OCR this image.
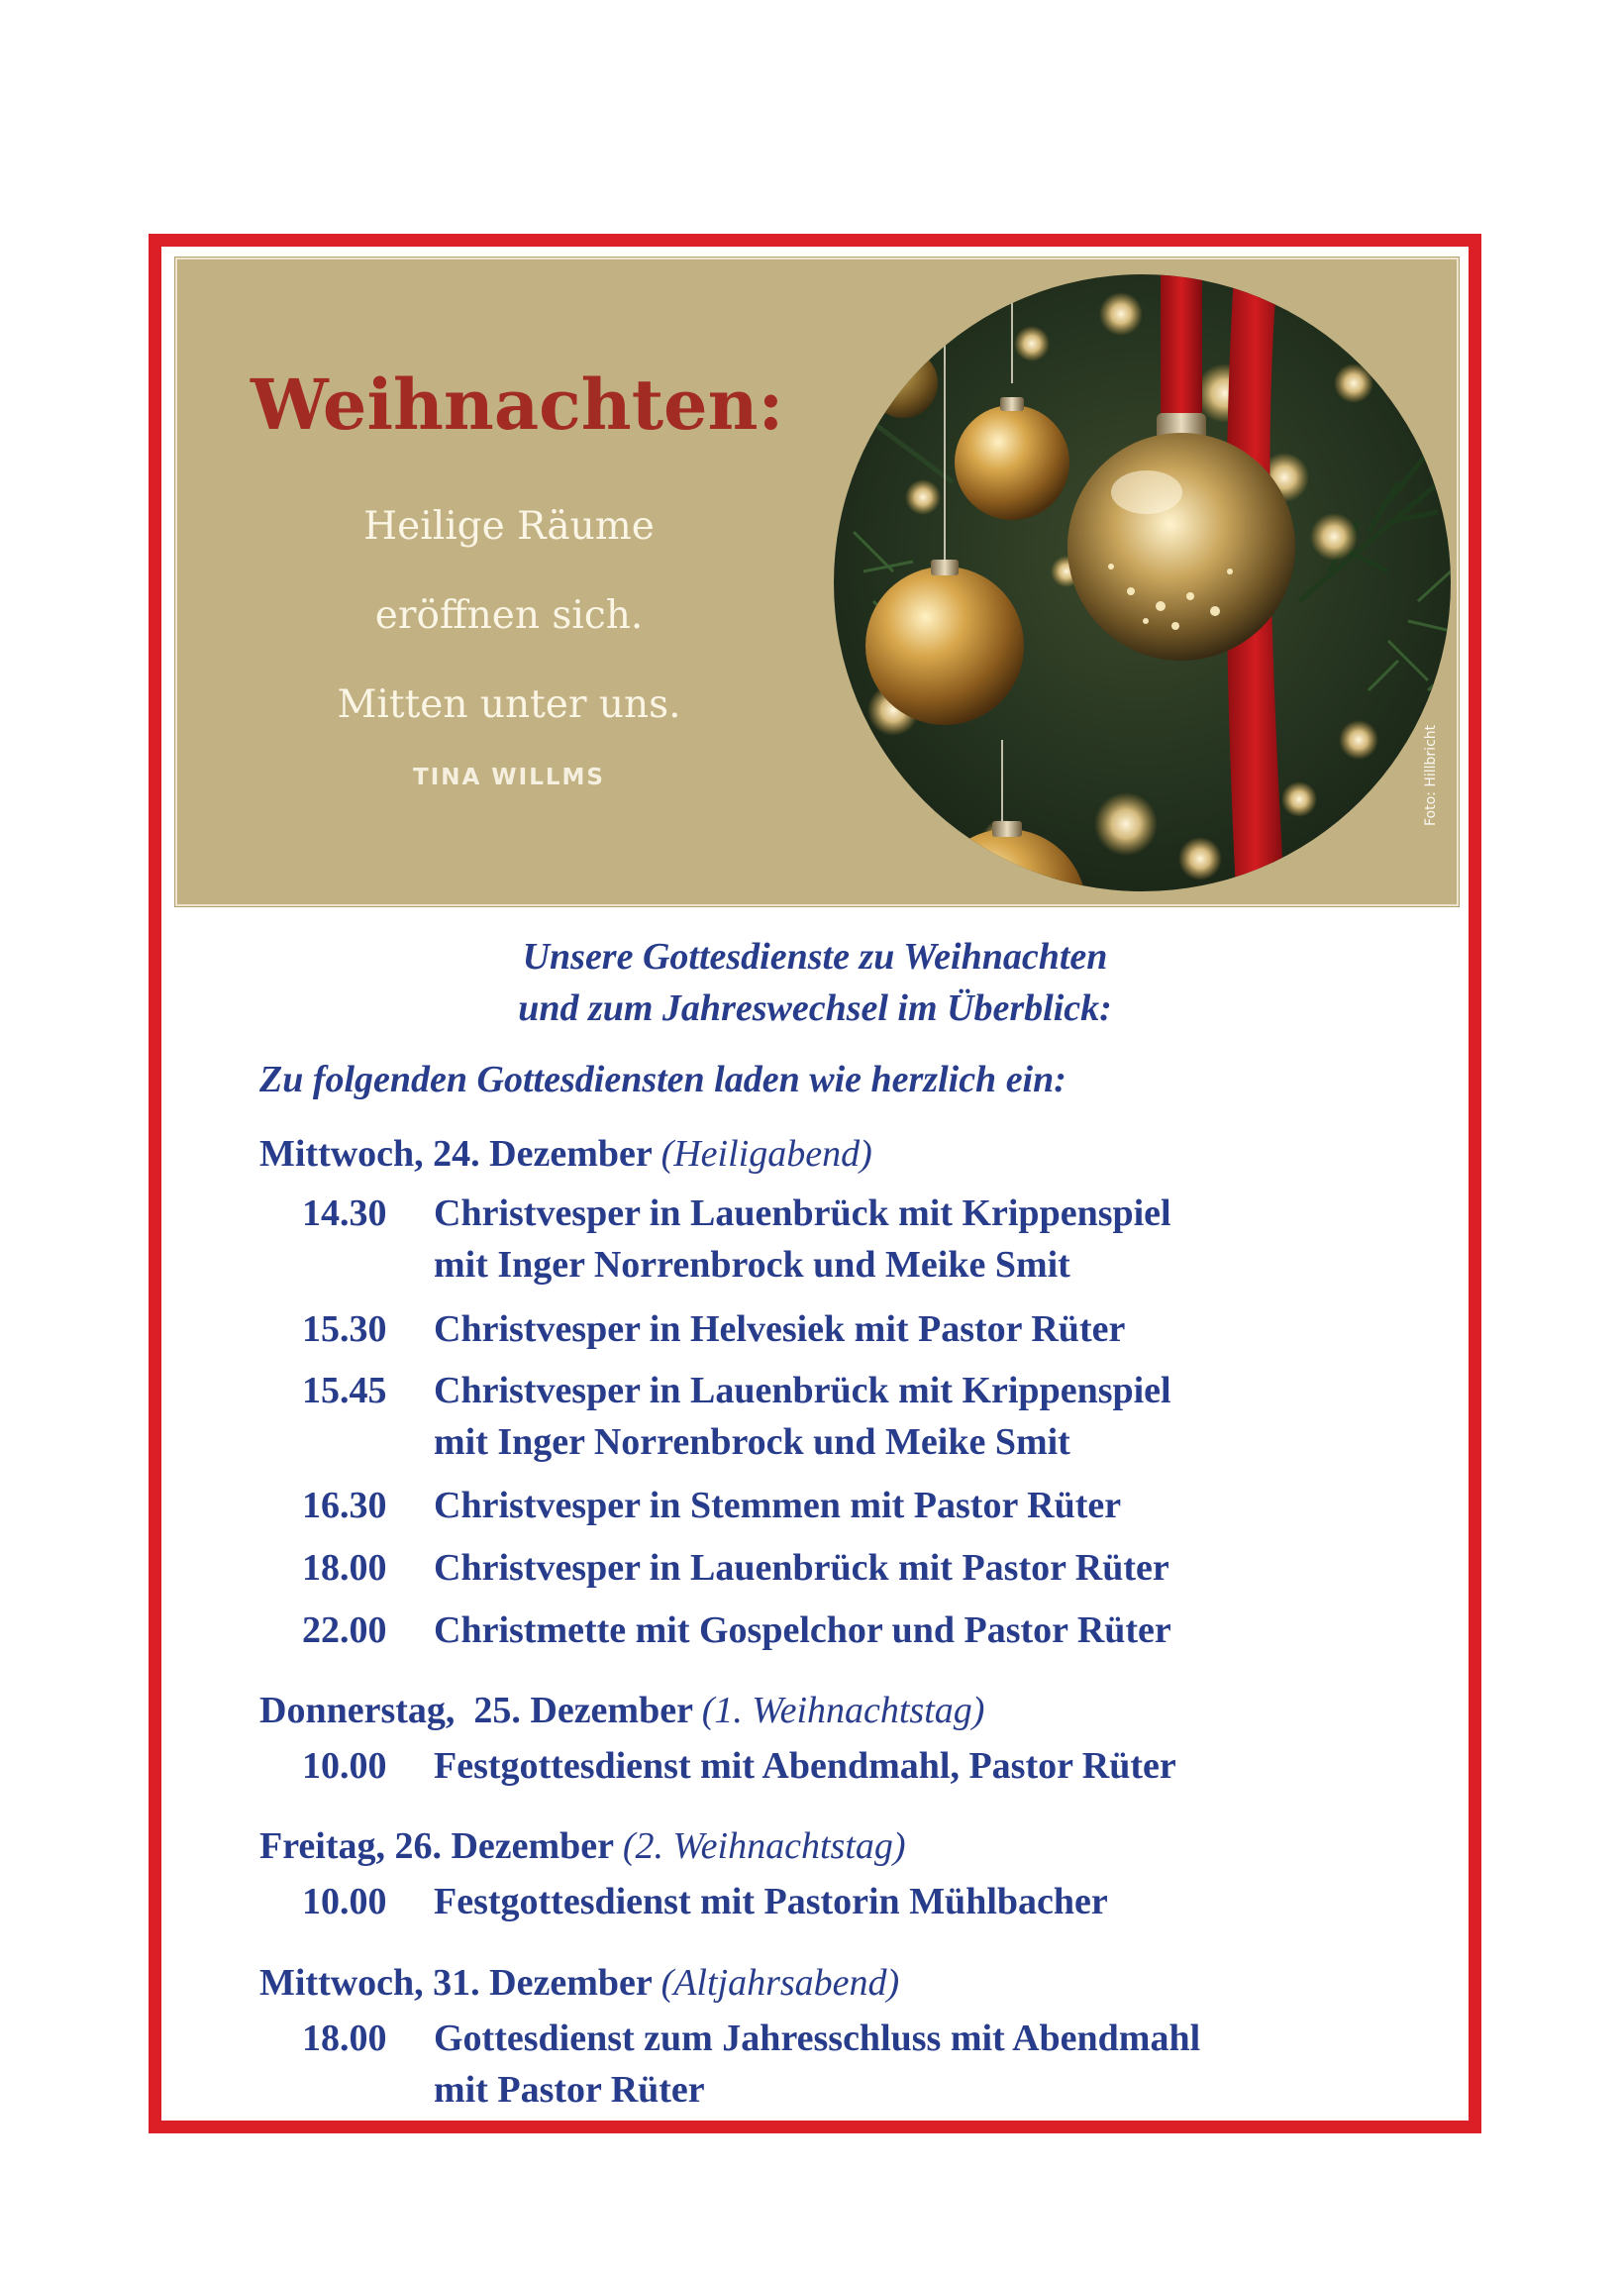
Weihnachten:
Heilige Räume
eröffnen sich.
Mitten unter uns.
TINA WILLMS	Foto: Hillbricht
Unsere Gottesdienste zu Weihnachten
und zum Jahreswechsel im Überblick:
Zu folgenden Gottesdiensten laden wie herzlich ein:
Mittwoch, 24. Dezember (Heiligabend)
14.30 Christvesper in Lauenbrück mit Krippenspiel
mit Inger Norrenbrock und Meike Smit
15.30 Christvesper in Helvesiek mit Pastor Rüter
15.45 Christvesper in Lauenbrück mit Krippenspiel
mit Inger Norrenbrock und Meike Smit
16.30 Christvesper in Stemmen mit Pastor Rüter
18.00 Christvesper in Lauenbrück mit Pastor Rüter
22.00 Christmette mit Gospelchor und Pastor Rüter
Donnerstag,  25. Dezember (1. Weihnachtstag)
10.00 Festgottesdienst mit Abendmahl, Pastor Rüter
Freitag, 26. Dezember (2. Weihnachtstag)
10.00 Festgottesdienst mit Pastorin Mühlbacher
Mittwoch, 31. Dezember (Altjahrsabend)
18.00 Gottesdienst zum Jahresschluss mit Abendmahl
mit Pastor Rüter
